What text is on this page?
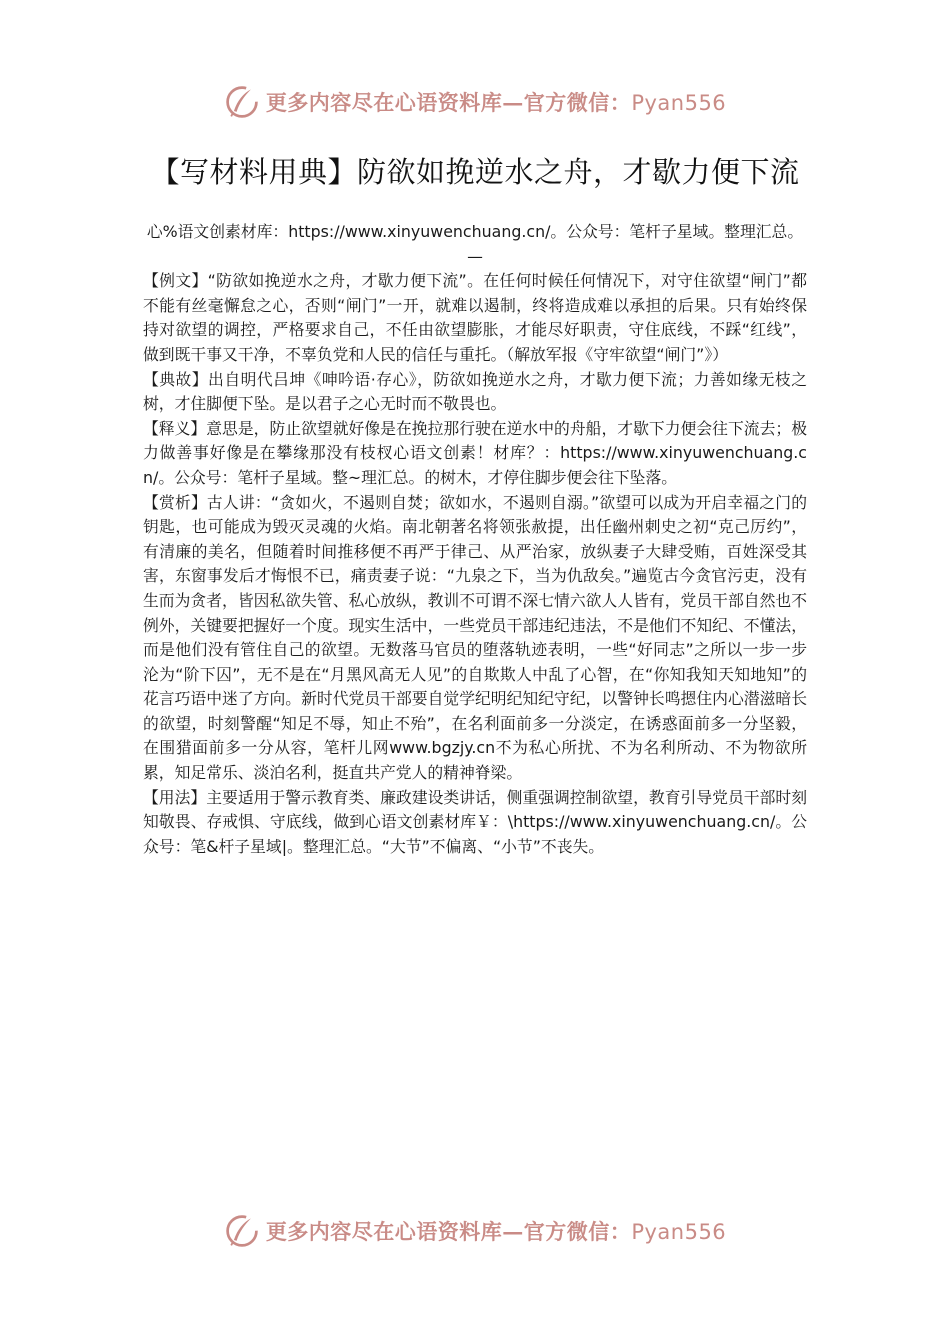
更多内容尽在心语资料库—官方微信：Pyan556
【写材料用典】防欲如挽逆水之舟，才歇力便下流

心%语文创素材库：https://www.xinyuwenchuang.cn/。公众号：笔杆子星域。整理汇总。—

【例文】“防欲如挽逆水之舟，才歇力便下流”。在任何时候任何情况下，对守住欲望“闸门”都不能有丝毫懈怠之心，否则“闸门”一开，就难以遏制，终将造成难以承担的后果。只有始终保持对欲望的调控，严格要求自己，不任由欲望膨胀，才能尽好职责，守住底线，不踩“红线”，做到既干事又干净，不辜负党和人民的信任与重托。（解放军报《守牢欲望“闸门”》）

【典故】出自明代吕坤《呻吟语·存心》，防欲如挽逆水之舟，才歇力便下流；力善如缘无枝之树，才住脚便下坠。是以君子之心无时而不敬畏也。

【释义】意思是，防止欲望就好像是在挽拉那行驶在逆水中的舟船，才歇下力便会往下流去；极力做善事好像是在攀缘那没有枝杈心语文创素！材库？：https://www.xinyuwenchuang.cn/。公众号：笔杆子星域。整~理汇总。的树木，才停住脚步便会往下坠落。

【赏析】古人讲：“贪如火，不遏则自焚；欲如水，不遏则自溺。”欲望可以成为开启幸福之门的钥匙，也可能成为毁灭灵魂的火焰。南北朝著名将领张赦提，出任幽州刺史之初“克己厉约”，有清廉的美名，但随着时间推移便不再严于律己、从严治家，放纵妻子大肆受贿，百姓深受其害，东窗事发后才悔恨不已，痛责妻子说：“九泉之下，当为仇敌矣。”遍览古今贪官污吏，没有生而为贪者，皆因私欲失管、私心放纵，教训不可谓不深七情六欲人人皆有，党员干部自然也不例外，关键要把握好一个度。现实生活中，一些党员干部违纪违法，不是他们不知纪、不懂法，而是他们没有管住自己的欲望。无数落马官员的堕落轨迹表明，一些“好同志”之所以一步一步沦为“阶下囚”，无不是在“月黑风高无人见”的自欺欺人中乱了心智，在“你知我知天知地知”的花言巧语中迷了方向。新时代党员干部要自觉学纪明纪知纪守纪，以警钟长鸣摁住内心潜滋暗长的欲望，时刻警醒“知足不辱，知止不殆”，在名利面前多一分淡定，在诱惑面前多一分坚毅，在围猎面前多一分从容，笔杆儿网www.bgzjy.cn不为私心所扰、不为名利所动、不为物欲所累，知足常乐、淡泊名利，挺直共产党人的精神脊梁。

【用法】主要适用于警示教育类、廉政建设类讲话，侧重强调控制欲望，教育引导党员干部时刻知敬畏、存戒惧、守底线，做到心语文创素材库￥：\https://www.xinyuwenchuang.cn/。公众号：笔&杆子星域|。整理汇总。“大节”不偏离、“小节”不丧失。

更多内容尽在心语资料库—官方微信：Pyan556
